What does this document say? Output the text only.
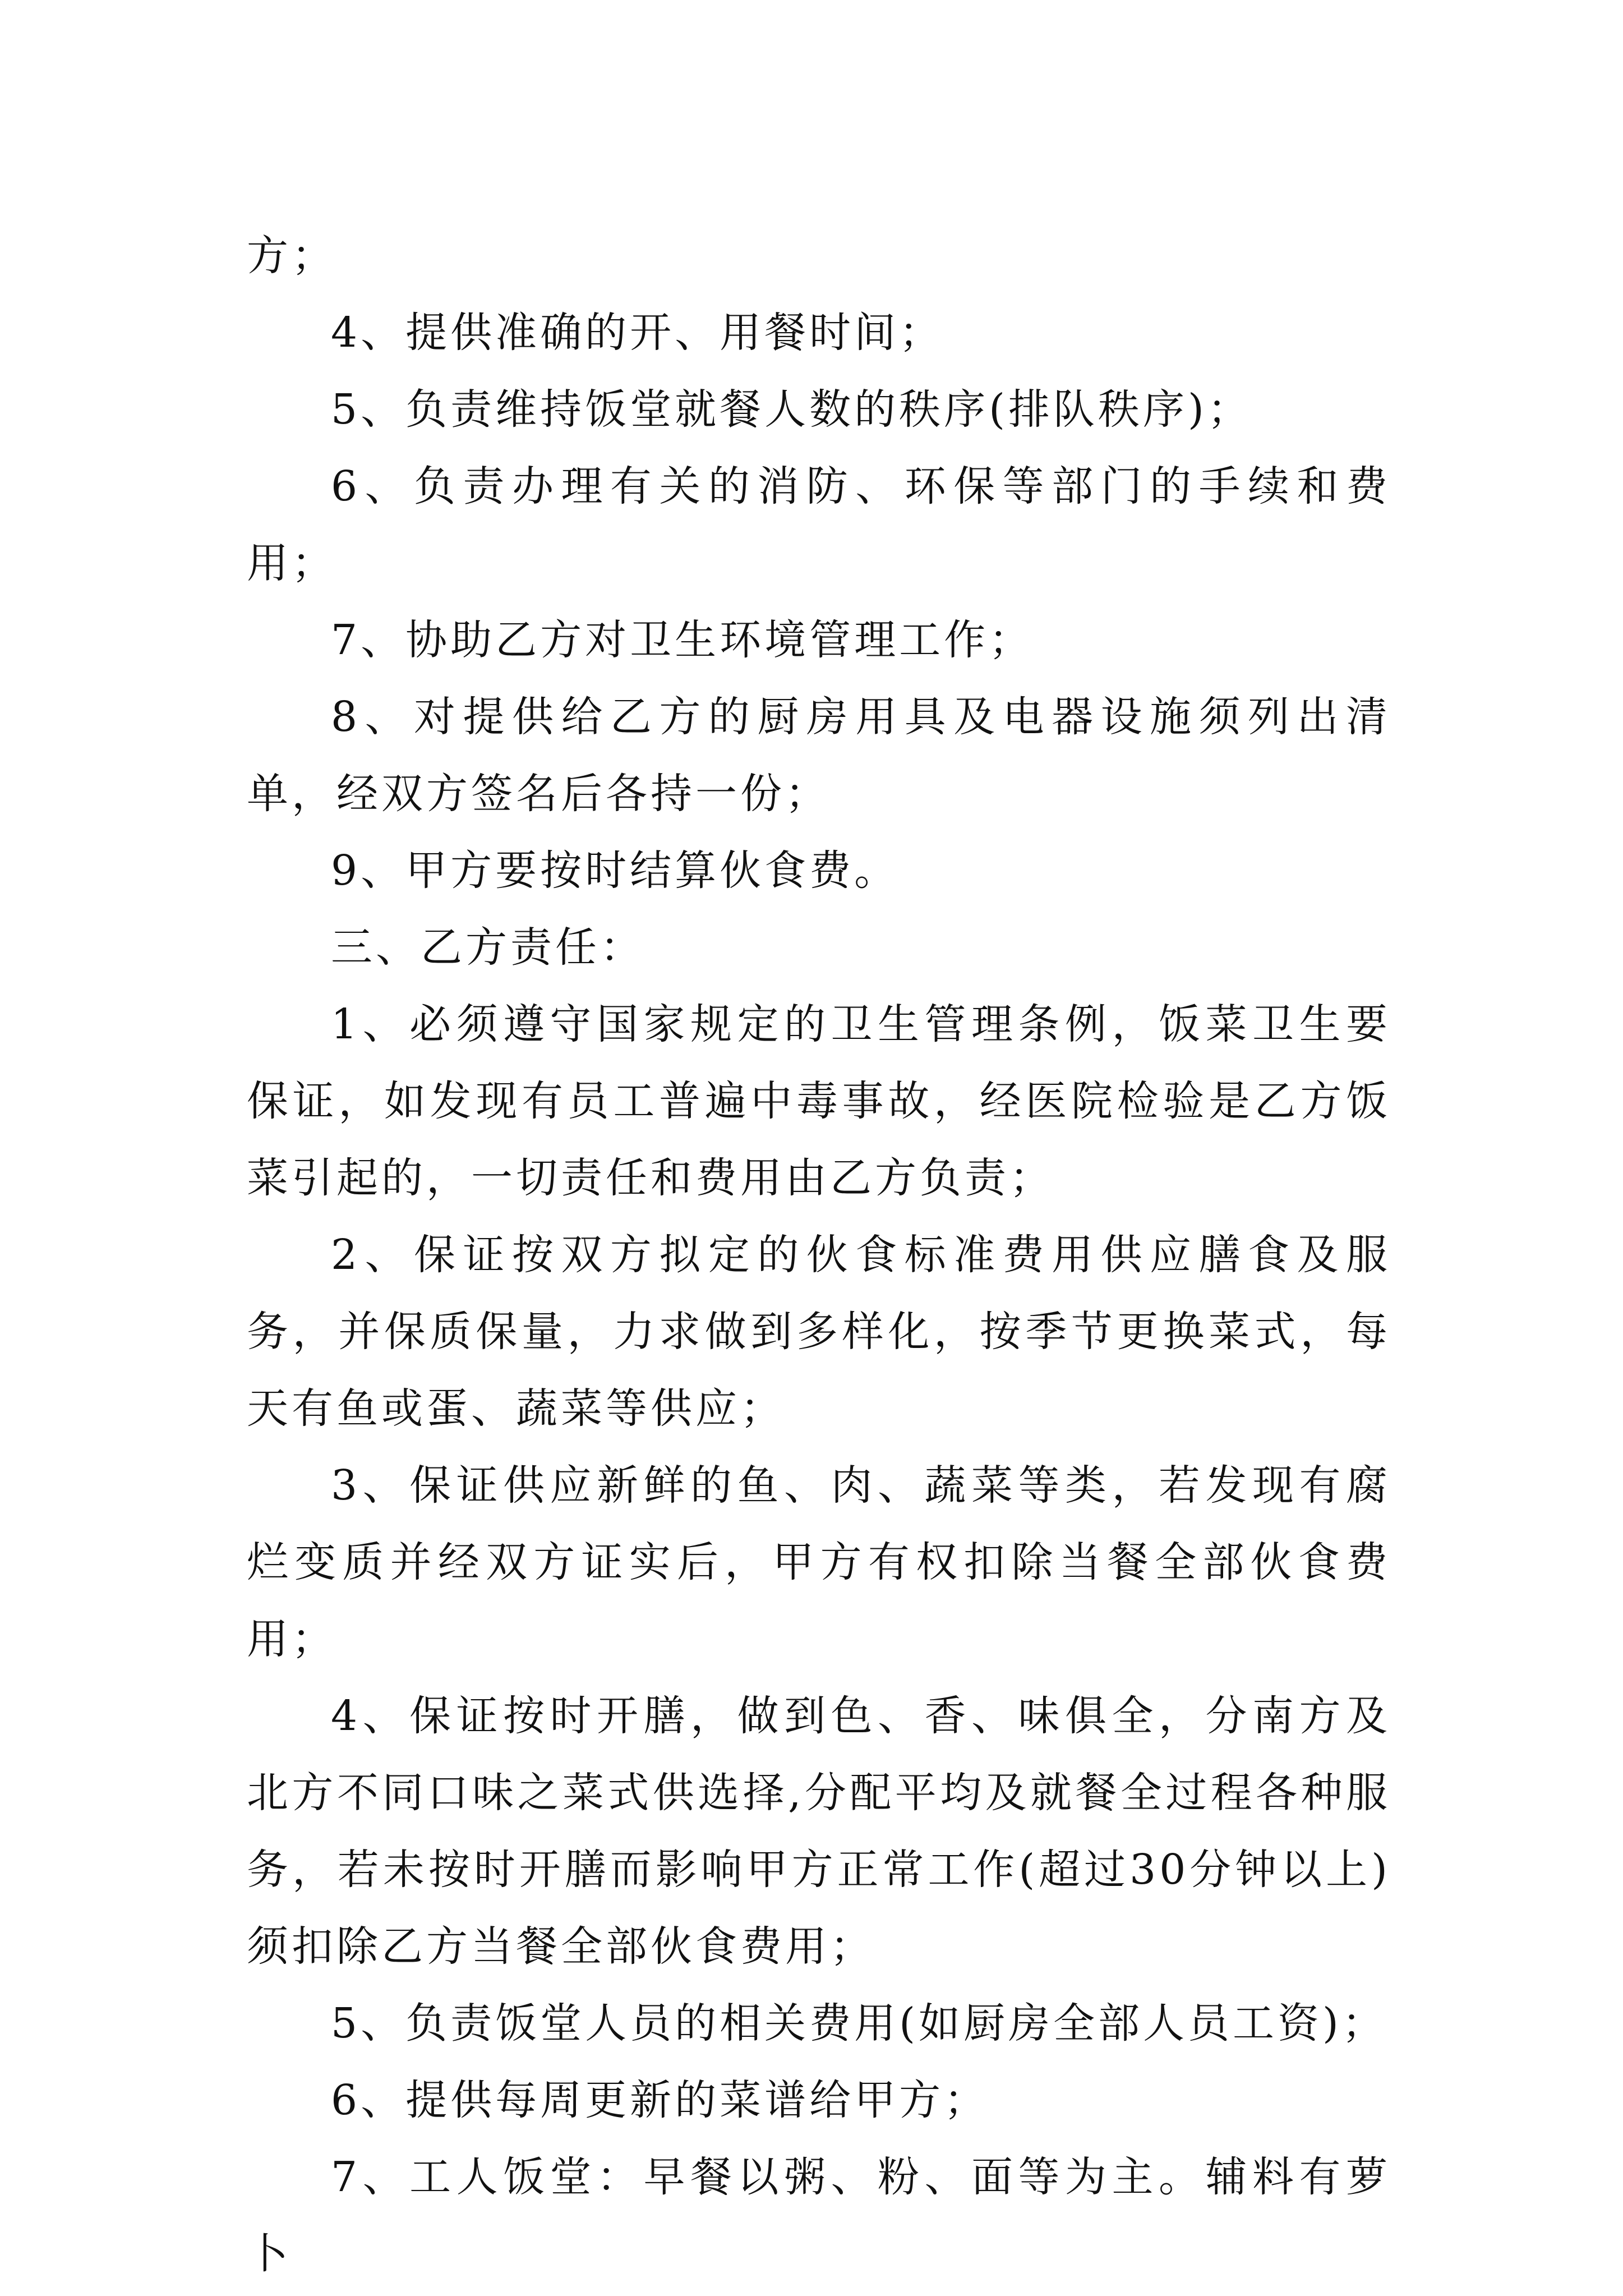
方；

4、提供准确的开、用餐时间；

5、负责维持饭堂就餐人数的秩序(排队秩序)；

6、负责办理有关的消防、环保等部门的手续和费用；

7、协助乙方对卫生环境管理工作；

8、对提供给乙方的厨房用具及电器设施须列出清单，经双方签名后各持一份；

9、甲方要按时结算伙食费。

三、乙方责任：

1、必须遵守国家规定的卫生管理条例，饭菜卫生要保证，如发现有员工普遍中毒事故，经医院检验是乙方饭菜引起的，一切责任和费用由乙方负责；

2、保证按双方拟定的伙食标准费用供应膳食及服务，并保质保量，力求做到多样化，按季节更换菜式，每天有鱼或蛋、蔬菜等供应；

3、保证供应新鲜的鱼、肉、蔬菜等类，若发现有腐烂变质并经双方证实后，甲方有权扣除当餐全部伙食费用；

4、保证按时开膳，做到色、香、味俱全，分南方及北方不同口味之菜式供选择,分配平均及就餐全过程各种服务，若未按时开膳而影响甲方正常工作(超过30分钟以上)须扣除乙方当餐全部伙食费用；

5、负责饭堂人员的相关费用(如厨房全部人员工资)；

6、提供每周更新的菜谱给甲方；

7、工人饭堂：早餐以粥、粉、面等为主。辅料有萝卜
